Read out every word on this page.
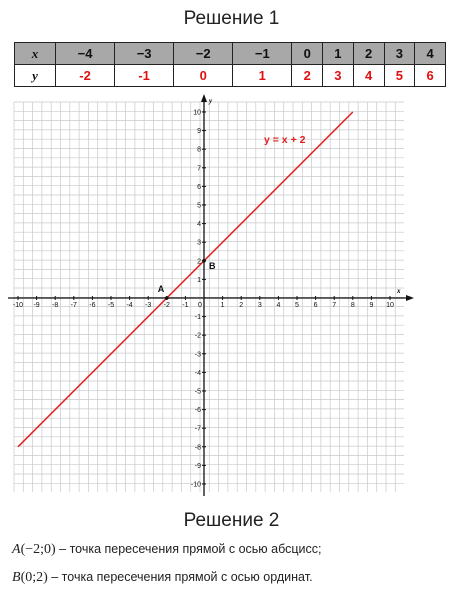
Решение 1
x	−4	−3	−2	−1	0	1	2	3	4
y	-2	-1	0	1	2	3	4	5	6
x
y
-10 -9 -8 -7 -6 -5 -4 -3 -2 -1 0	1 2 3 4 5 6 7 8 9 10
-10
-9
-8
-7
-6
-5
-4
-3
-2
-1
1
2
3
4
5
6
7
8
9
10
y = x + 2
A
B
Решение 2
A(−2;0) – точка пересечения прямой с осью абсцисс;
B(0;2) – точка пересечения прямой с осью ординат.
